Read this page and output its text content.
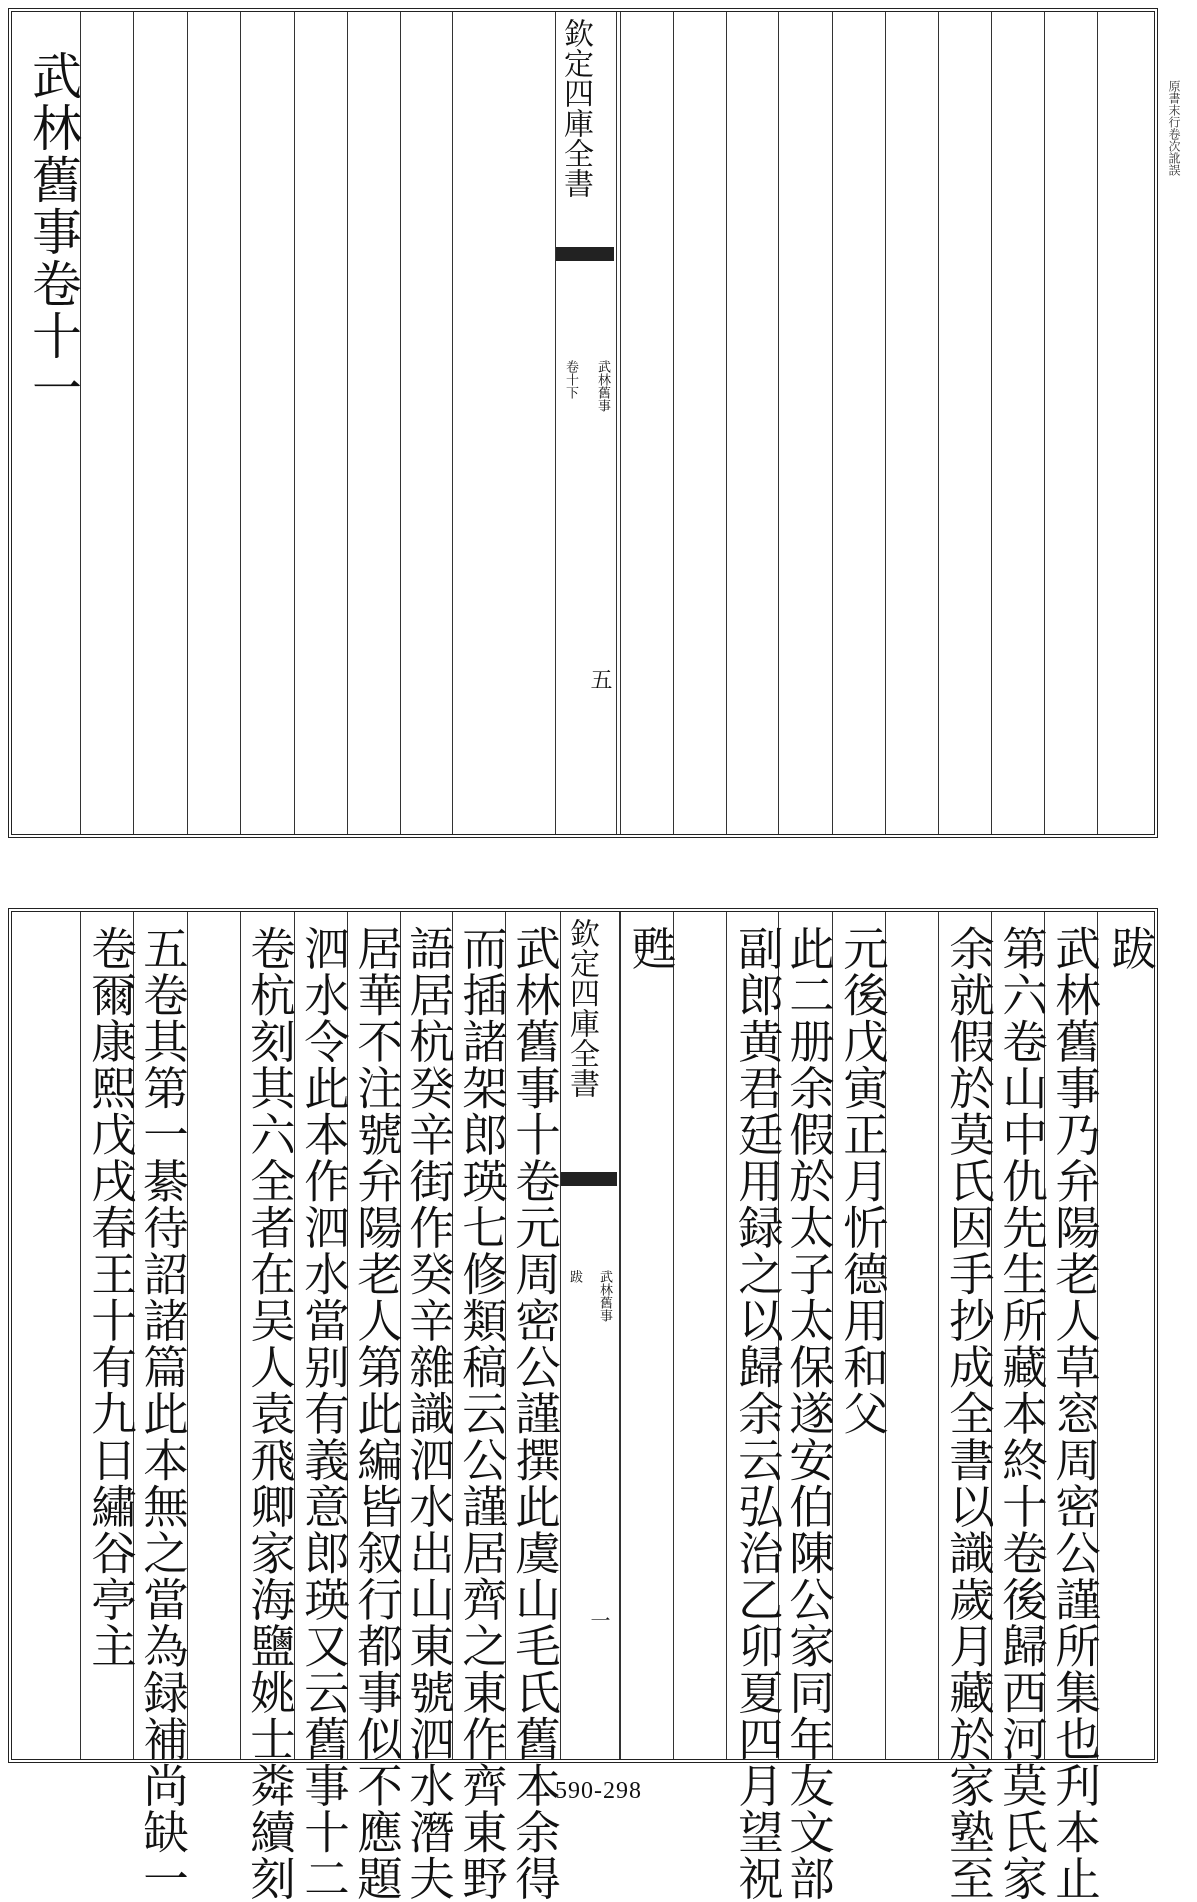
原書末行卷次訛誤
欽定四庫全書
武林舊事
卷十下
五
武林舊事卷十一
欽定四庫全書
武林舊事
跋
一
跋
武林舊事乃弁陽老人草窓周密公謹所集也刋本止
第六卷山中仇先生所藏本終十卷後歸西河莫氏家
余就假於莫氏因手抄成全書以識歲月藏於家塾至
元後戊寅正月忻德用和父
此二册余假於太子太保遂安伯陳公家同年友文部
副郎黄君廷用録之以歸余云弘治乙卯夏四月望祝
甦
武林舊事十卷元周密公謹撰此虞山毛氏舊本余得
而插諸架郎瑛七修類稿云公謹居齊之東作齊東野
語居杭癸辛街作癸辛雜識泗水出山東號泗水潛夫
居華不注號弁陽老人第此編皆叙行都事似不應題
泗水令此本作泗水當别有義意郎瑛又云舊事十二
卷杭刻其六全者在吴人袁飛卿家海鹽姚士粦續刻
五卷其第一綦待詔諸篇此本無之當為録補尚缺一
卷爾康熙戊戌春王十有九日繡谷亭主
590-298
